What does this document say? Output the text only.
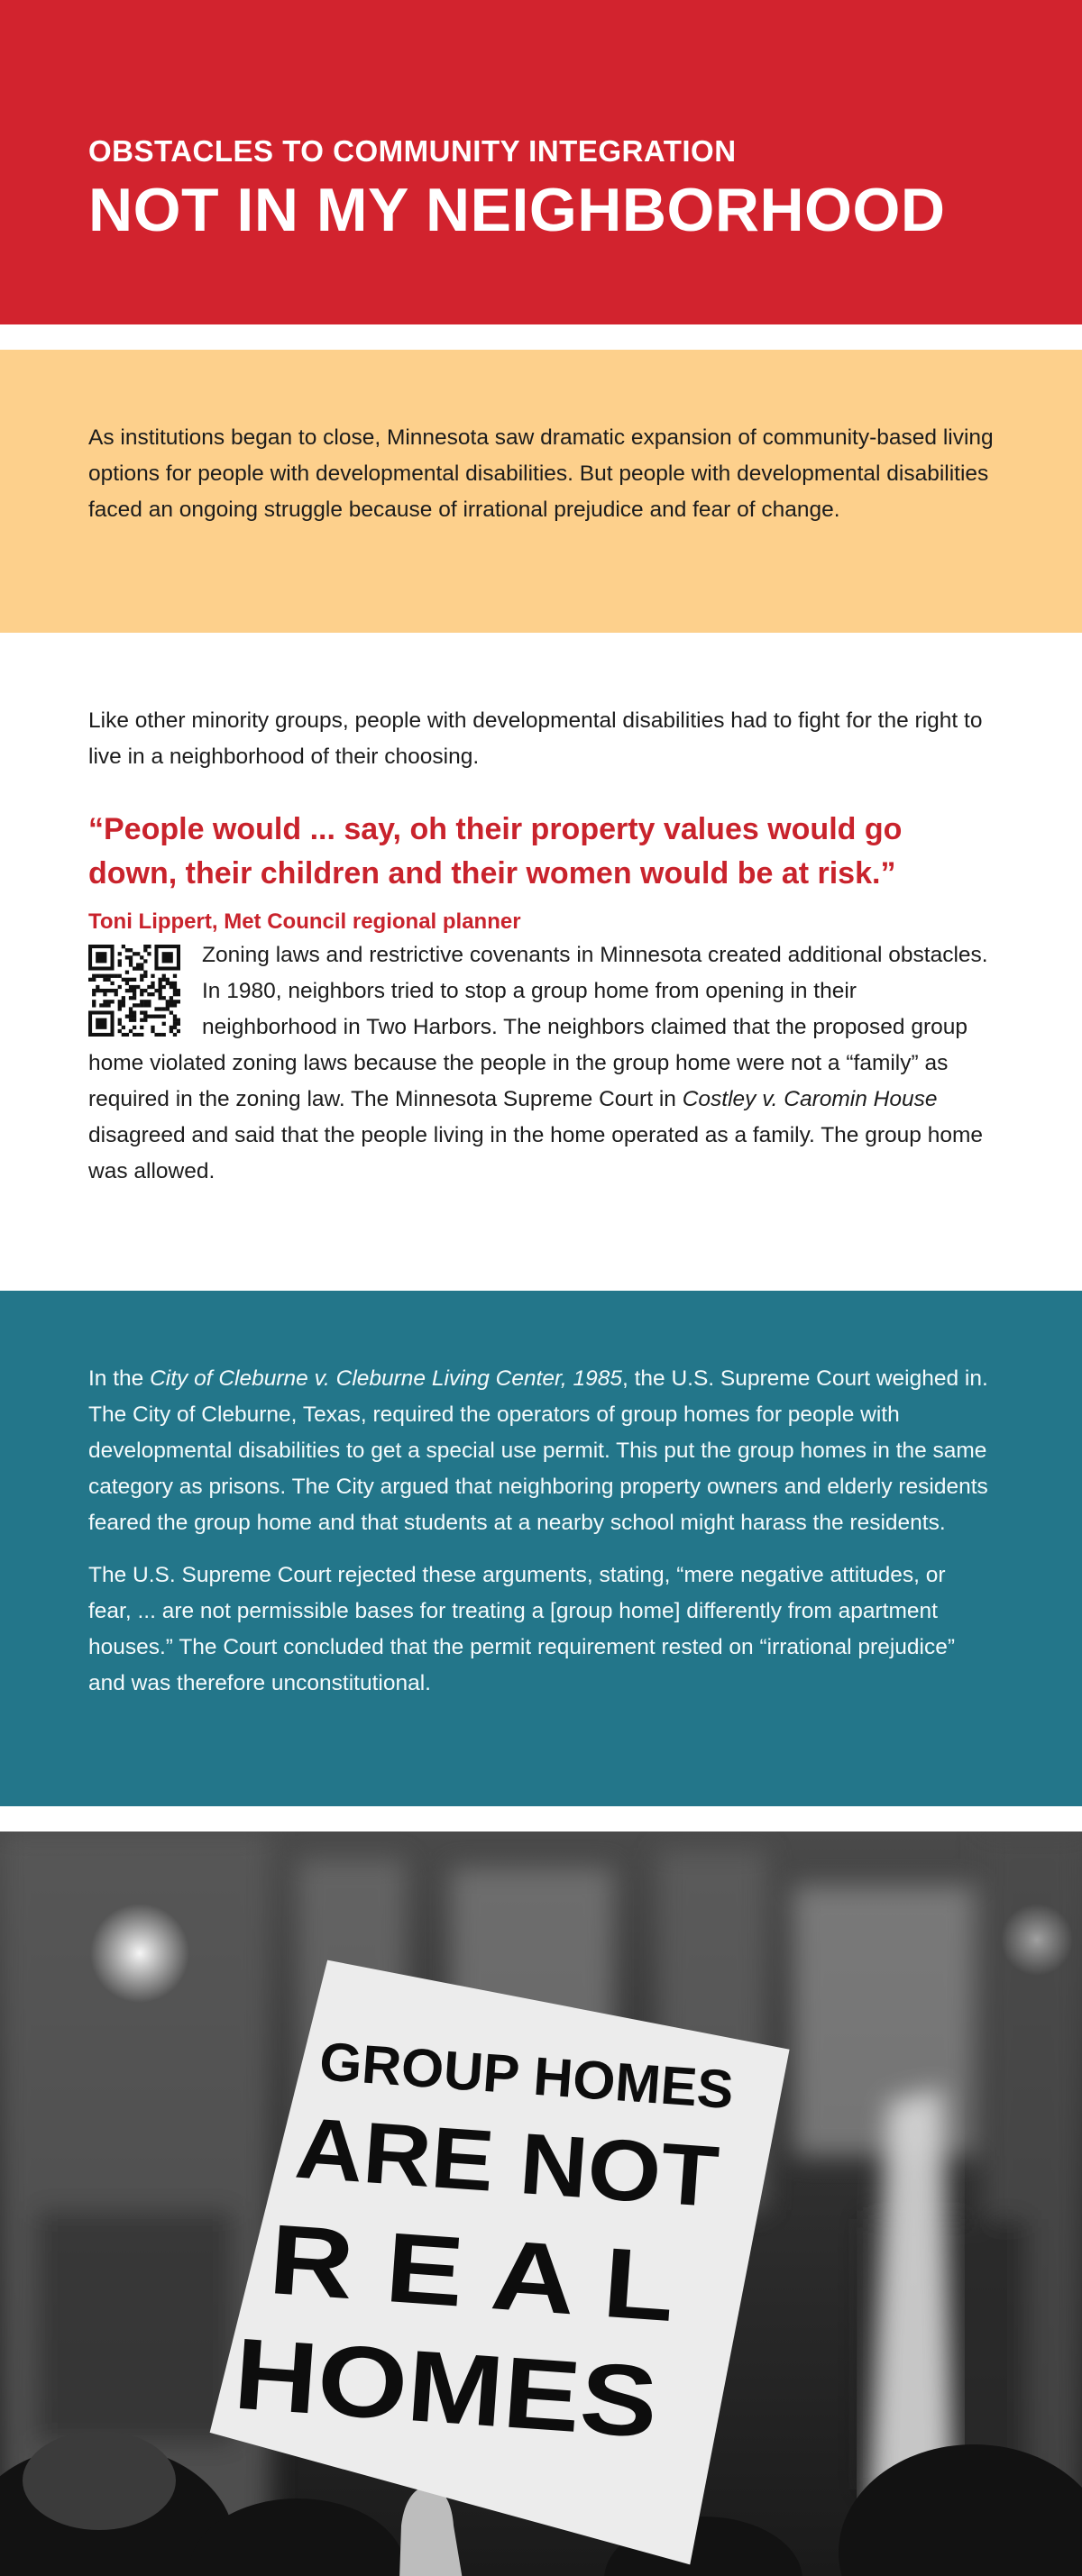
OBSTACLES TO COMMUNITY INTEGRATION
NOT IN MY NEIGHBORHOOD

As institutions began to close, Minnesota saw dramatic expansion of community-based living options for people with developmental disabilities. But people with developmental disabilities faced an ongoing struggle because of irrational prejudice and fear of change.

Like other minority groups, people with developmental disabilities had to fight for the right to live in a neighborhood of their choosing.

“People would ... say, oh their property values would go down, their children and their women would be at risk.”
Toni Lippert, Met Council regional planner

Zoning laws and restrictive covenants in Minnesota created additional obstacles. In 1980, neighbors tried to stop a group home from opening in their neighborhood in Two Harbors. The neighbors claimed that the proposed group home violated zoning laws because the people in the group home were not a “family” as required in the zoning law. The Minnesota Supreme Court in Costley v. Caromin House disagreed and said that the people living in the home operated as a family. The group home was allowed.

In the City of Cleburne v. Cleburne Living Center, 1985, the U.S. Supreme Court weighed in. The City of Cleburne, Texas, required the operators of group homes for people with developmental disabilities to get a special use permit. This put the group homes in the same category as prisons. The City argued that neighboring property owners and elderly residents feared the group home and that students at a nearby school might harass the residents.

The U.S. Supreme Court rejected these arguments, stating, “mere negative attitudes, or fear, ... are not permissible bases for treating a [group home] differently from apartment houses.” The Court concluded that the permit requirement rested on “irrational prejudice” and was therefore unconstitutional.

GROUP HOMES
ARE NOT
R E A L
HOMES
